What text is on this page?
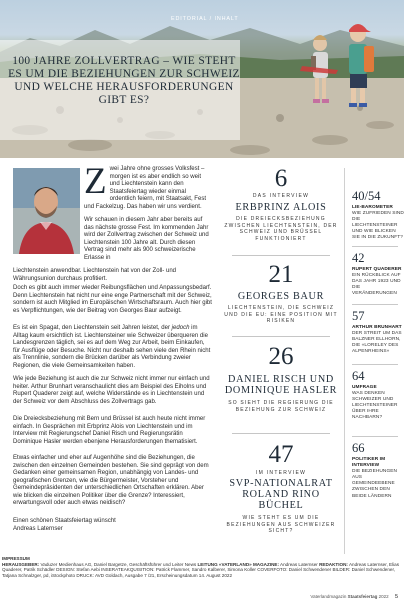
EDITORIAL / INHALT
100 JAHRE ZOLLVERTRAG – WIE STEHT ES UM DIE BEZIEHUNGEN ZUR SCHWEIZ UND WELCHE HERAUSFORDERUNGEN GIBT ES?
Z wei Jahre ohne grosses Volksfest – morgen ist es aber endlich so weit und Liechtenstein kann den Staatsfeiertag wieder einmal ordentlich feiern, mit Staatsakt, Fest und Fackelzug. Das haben wir uns verdient.
Wir schauen in diesem Jahr aber bereits auf das nächste grosse Fest. Im kommenden Jahr wird der Zollvertrag zwischen der Schweiz und Liechtenstein 100 Jahre alt. Durch diesen Vertrag sind mehr als 900 schweizerische Erlasse in
Liechtenstein anwendbar. Liechtenstein hat von der Zoll- und Währungsunion durchaus profitiert.
Doch es gibt auch immer wieder Reibungsflächen und Anpassungsbedarf. Denn Liechtenstein hat nicht nur eine enge Partnerschaft mit der Schweiz, sondern ist auch Mitglied im Europäischen Wirtschaftsraum. Auch hier gibt es Verpflichtungen, wie der Beitrag von Georges Baur aufzeigt.
Es ist ein Spagat, den Liechtenstein seit Jahren leistet, der jedoch im Alltag kaum ersichtlich ist. Liechtensteiner wie Schweizer überqueren die Landesgrenzen täglich, sei es auf dem Weg zur Arbeit, beim Einkaufen, für Ausflüge oder Besuche. Nicht nur deshalb sehen viele den Rhein nicht als Trennlinie, sondern die Brücken darüber als Verbindung zweier Regionen, die viele Gemeinsamkeiten haben.
Wie jede Beziehung ist auch die zur Schweiz nicht immer nur einfach und heiter. Arthur Brunhart veranschaulicht dies am Beispiel des Eiholns und Rupert Quaderer zeigt auf, welche Widerstände es in Liechtenstein und der Schweiz vor dem Abschluss des Zollvertrags gab.
Die Dreiecksbeziehung mit Bern und Brüssel ist auch heute nicht immer einfach. In Gesprächen mit Erbprinz Alois von Liechtenstein und im Interview mit Regierungschef Daniel Risch und Regierungsrätin Dominique Hasler werden ebenjene Herausforderungen thematisiert.
Etwas einfacher und eher auf Augenhöhe sind die Beziehungen, die zwischen den einzelnen Gemeinden bestehen. Sie sind geprägt von dem Gedanken einer gemeinsamen Region, unabhängig von Landes- und geografischen Grenzen, wie die Bürgermeister, Vorsteher und Gemeindepräsidenten der unterschiedlichen Ortschaften erklären. Aber wie blicken die einzelnen Politiker über die Grenze? Interessiert, erwartungsvoll oder auch etwas neidisch?
Einen schönen Staatsfeiertag wünscht
Andreas Laternser
6
DAS INTERVIEW
ERBPRINZ ALOIS
DIE DREIECKSBEZIEHUNG ZWISCHEN LIECHTENSTEIN, DER SCHWEIZ UND BRÜSSEL FUNKTIONIERT
21
GEORGES BAUR
LIECHTENSTEIN, DIE SCHWEIZ UND DIE EU: EINE POSITION MIT RISIKEN
26
DANIEL RISCH UND DOMINIQUE HASLER
SO SIEHT DIE REGIERUNG DIE BEZIEHUNG ZUR SCHWEIZ
47
IM INTERVIEW
SVP-NATIONALRAT ROLAND RINO BÜCHEL
WIE STEHT ES UM DIE BEZIEHUNGEN AUS SCHWEIZER SICHT?
40/54
LIE-BAROMETER
WIE ZUFRIEDEN SIND DIE LIECHTENSTEINER UND WIE BLICKEN SIE IN DIE ZUKUNFT?
42
RUPERT QUADERER
EIN RÜCKBLICK AUF DAS JAHR 1923 UND DIE VERÄNDERUNGEN
57
ARTHUR BRUNHART
DER STREIT UM DAS BALZNER ELLHORN, DIE «LORELEY DES ALPENRHEINS»
64
UMFRAGE
WAS DENKEN SCHWEIZER UND LIECHTENSTEINER ÜBER IHRE NACHBARN?
66
POLITIKER IM INTERVIEW
DIE BEZIEHUNGEN AUS GEMEINDEEBENE ZWISCHEN DEN BEIDE LÄNDERN
IMPRESSUM
HERAUSGEBER: Vaduzer Medienhaus AG, Daniel Bargetze, Geschäftsführer und Leiter News LEITUNG «VATERLAND» MAGAZINE: Andreas Laternser REDAKTION: Andreas Laternser, Elias
Quaderer, Patrik Schädler DESIGN: Stefan Aebi INSERATEAKQUISITION: Patrick Flammer, Sandro Kalberer, Simona Koller COVERFOTO: Daniel Schwendener BILDER: Daniel Schwendener,
Tatjana Schnalzger, pd, iStockphoto DRUCK: AVD Goldach, Ausgabe 7 /21, Erscheinungsdatum 14. August 2022
Vaterlandmagazin Staatsfeiertag 2022 5
